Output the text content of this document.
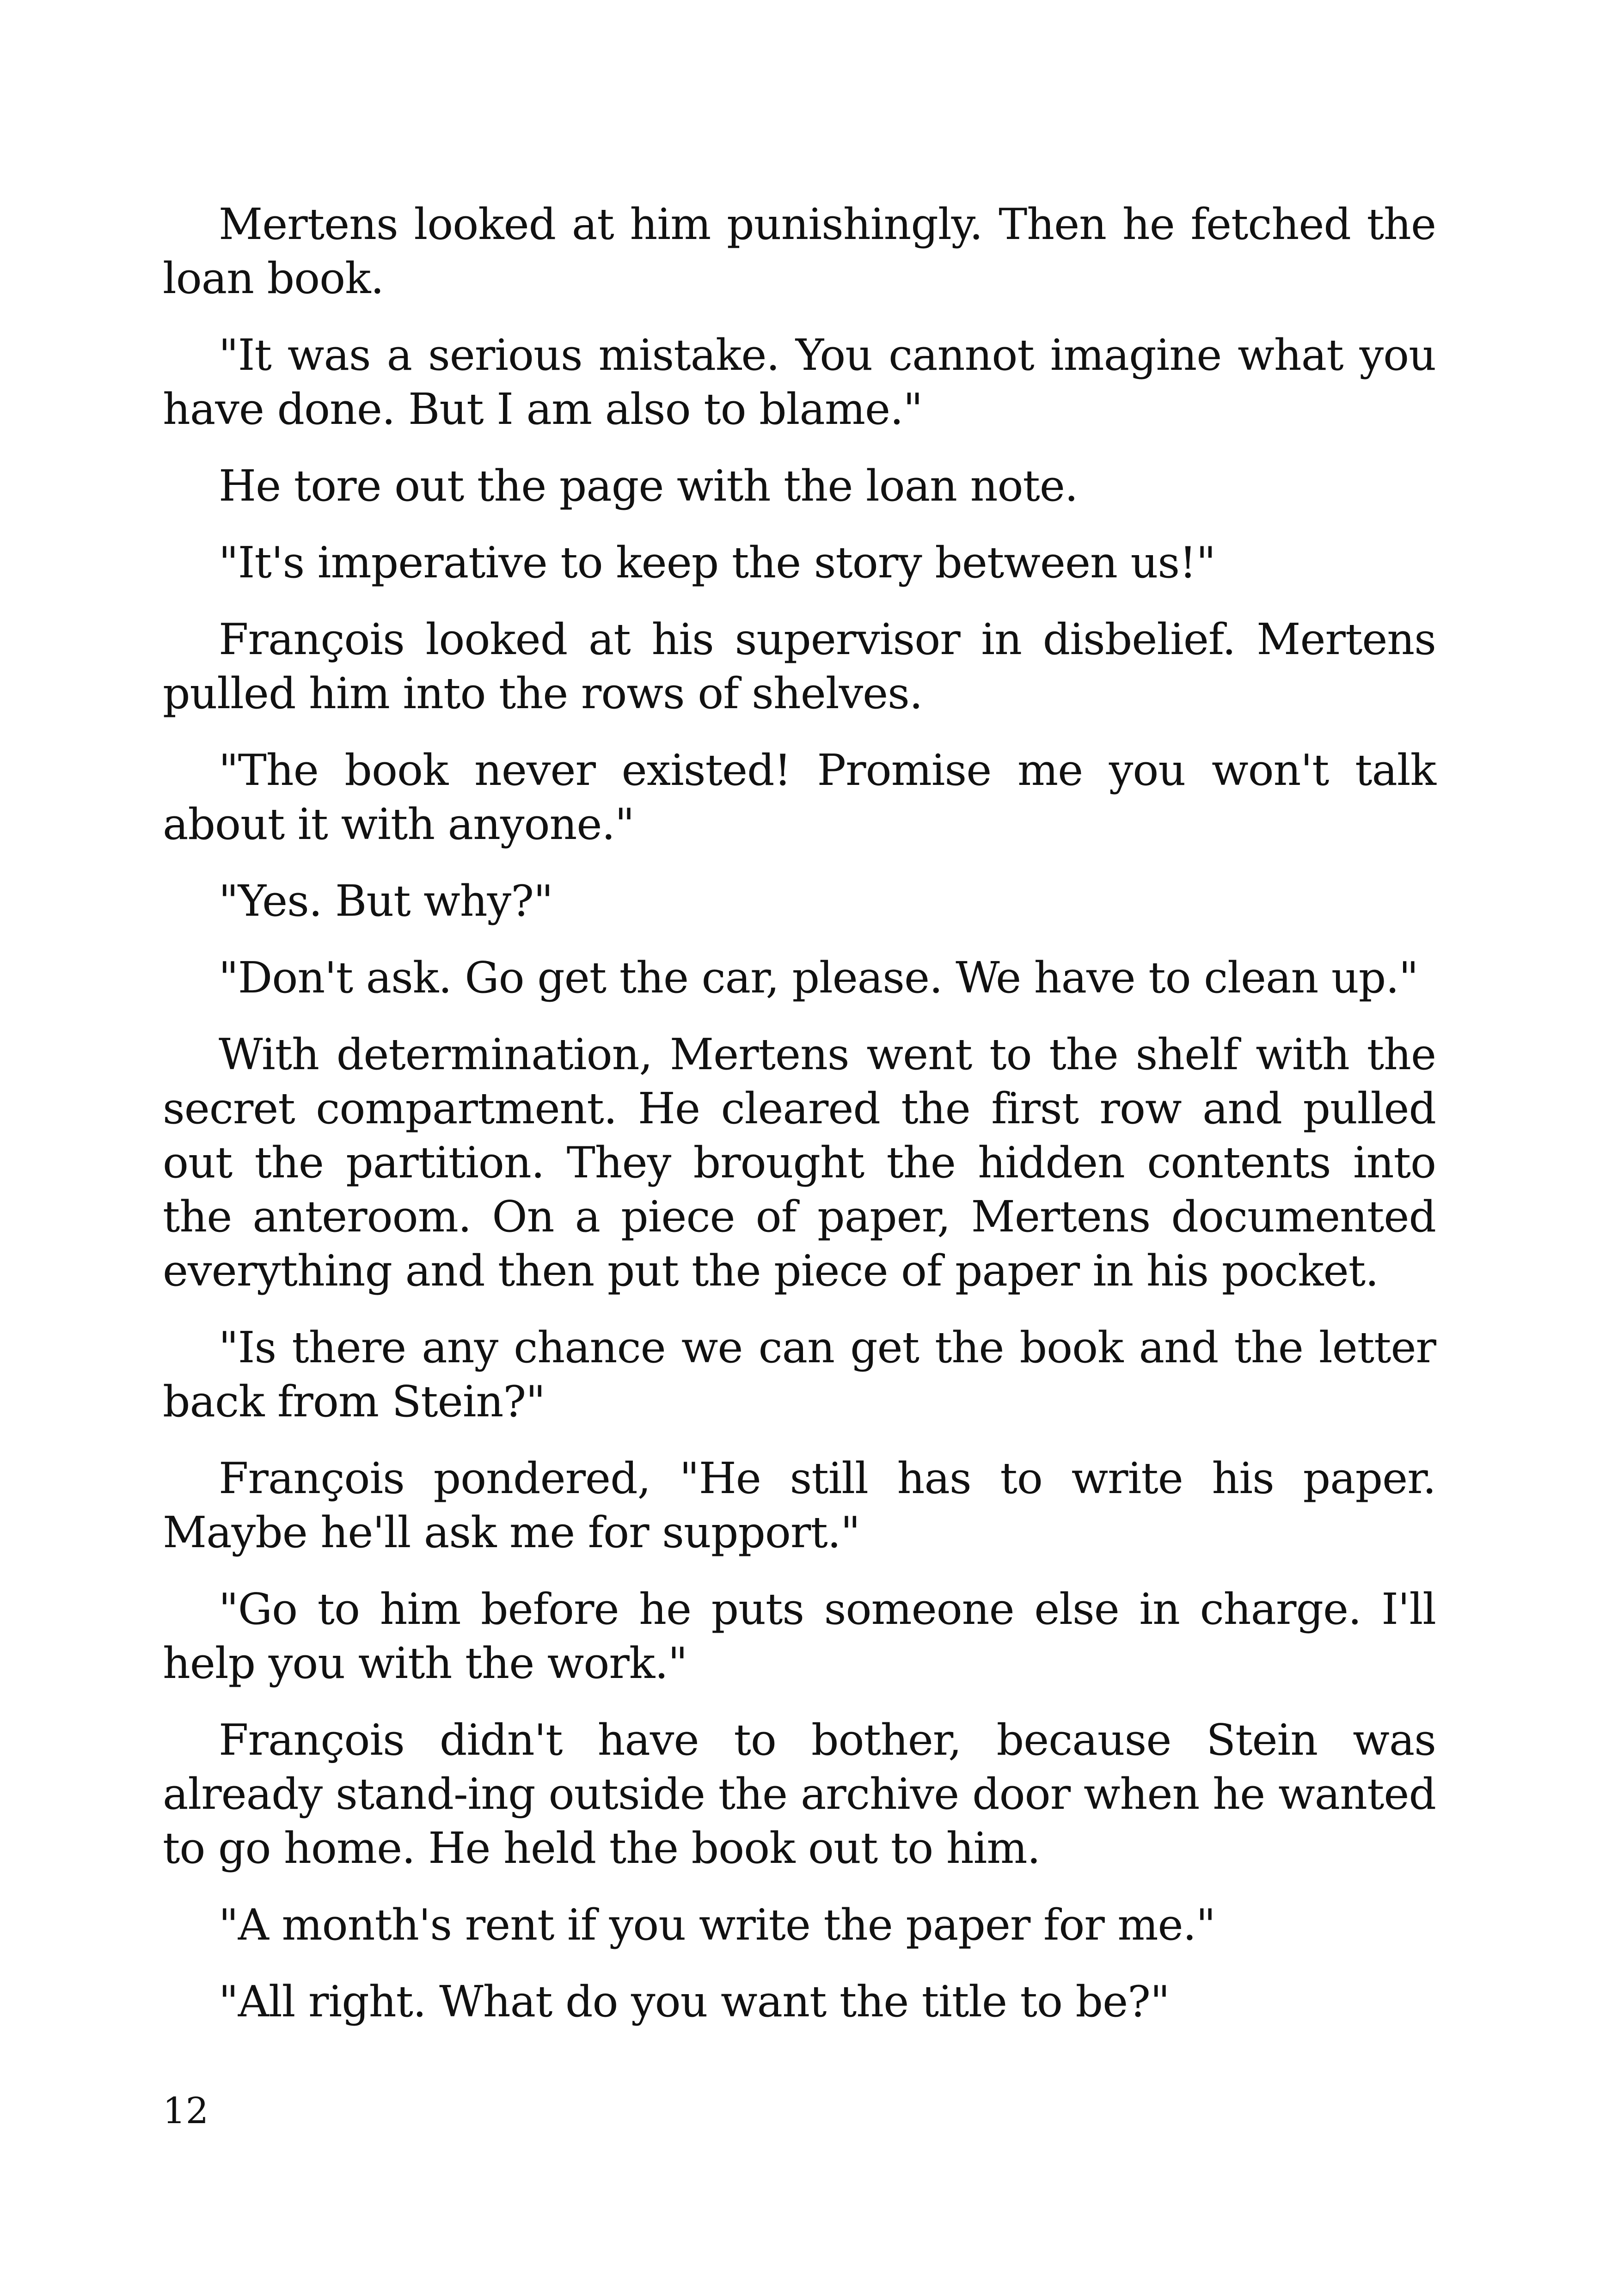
Mertens looked at him punishingly. Then he fetched the loan book.

"It was a serious mistake. You cannot imagine what you have done. But I am also to blame."

He tore out the page with the loan note.

"It's imperative to keep the story between us!"

François looked at his supervisor in disbelief. Mertens pulled him into the rows of shelves.

"The book never existed! Promise me you won't talk about it with anyone."

"Yes. But why?"

"Don't ask. Go get the car, please. We have to clean up."

With determination, Mertens went to the shelf with the secret compartment. He cleared the first row and pulled out the partition. They brought the hidden contents into the anteroom. On a piece of paper, Mertens documented everything and then put the piece of paper in his pocket.

"Is there any chance we can get the book and the letter back from Stein?"

François pondered, "He still has to write his paper. Maybe he'll ask me for support."

"Go to him before he puts someone else in charge. I'll help you with the work."

François didn't have to bother, because Stein was already stand-ing outside the archive door when he wanted to go home. He held the book out to him.

"A month's rent if you write the paper for me."

"All right. What do you want the title to be?"

12
